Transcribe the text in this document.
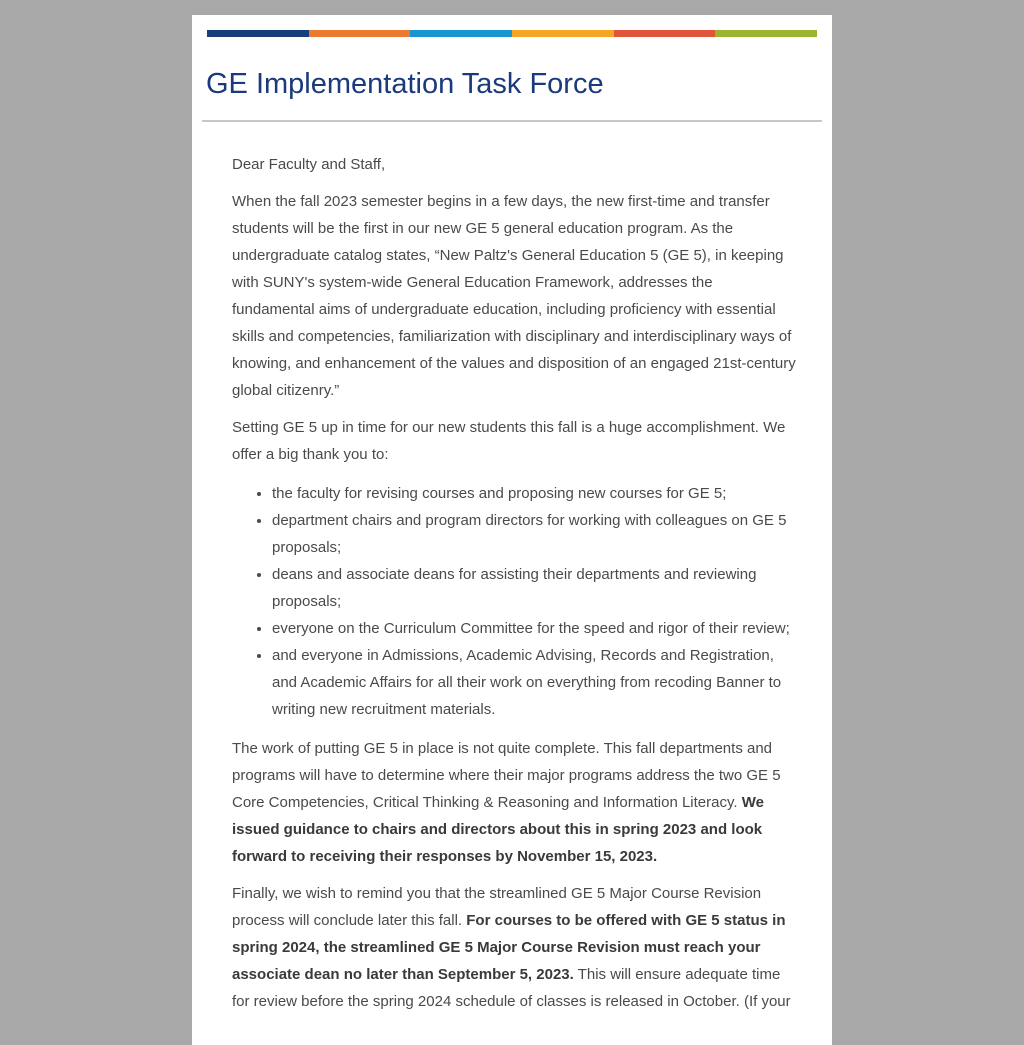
GE Implementation Task Force

Dear Faculty and Staff,

When the fall 2023 semester begins in a few days, the new first-time and transfer students will be the first in our new GE 5 general education program. As the undergraduate catalog states, “New Paltz's General Education 5 (GE 5), in keeping with SUNY's system-wide General Education Framework, addresses the fundamental aims of undergraduate education, including proficiency with essential skills and competencies, familiarization with disciplinary and interdisciplinary ways of knowing, and enhancement of the values and disposition of an engaged 21st-century global citizenry.”

Setting GE 5 up in time for our new students this fall is a huge accomplishment. We offer a big thank you to:

• the faculty for revising courses and proposing new courses for GE 5;
• department chairs and program directors for working with colleagues on GE 5 proposals;
• deans and associate deans for assisting their departments and reviewing proposals;
• everyone on the Curriculum Committee for the speed and rigor of their review;
• and everyone in Admissions, Academic Advising, Records and Registration, and Academic Affairs for all their work on everything from recoding Banner to writing new recruitment materials.

The work of putting GE 5 in place is not quite complete. This fall departments and programs will have to determine where their major programs address the two GE 5 Core Competencies, Critical Thinking & Reasoning and Information Literacy. We issued guidance to chairs and directors about this in spring 2023 and look forward to receiving their responses by November 15, 2023.

Finally, we wish to remind you that the streamlined GE 5 Major Course Revision process will conclude later this fall. For courses to be offered with GE 5 status in spring 2024, the streamlined GE 5 Major Course Revision must reach your associate dean no later than September 5, 2023. This will ensure adequate time for review before the spring 2024 schedule of classes is released in October. (If your
